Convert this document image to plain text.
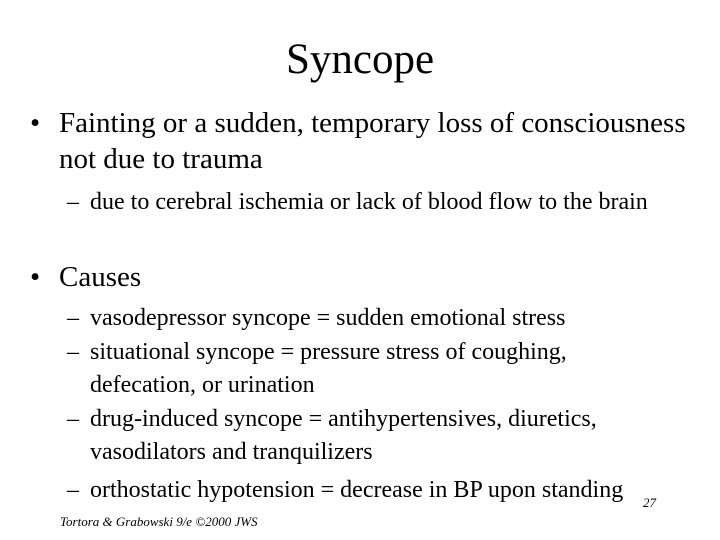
Syncope
• Fainting or a sudden, temporary loss of consciousness not due to trauma
– due to cerebral ischemia or lack of blood flow to the brain
• Causes
– vasodepressor syncope = sudden emotional stress
– situational syncope = pressure stress of coughing, defecation, or urination
– drug-induced syncope = antihypertensives, diuretics, vasodilators and tranquilizers
– orthostatic hypotension = decrease in BP upon standing	27
Tortora & Grabowski 9/e ©2000 JWS
